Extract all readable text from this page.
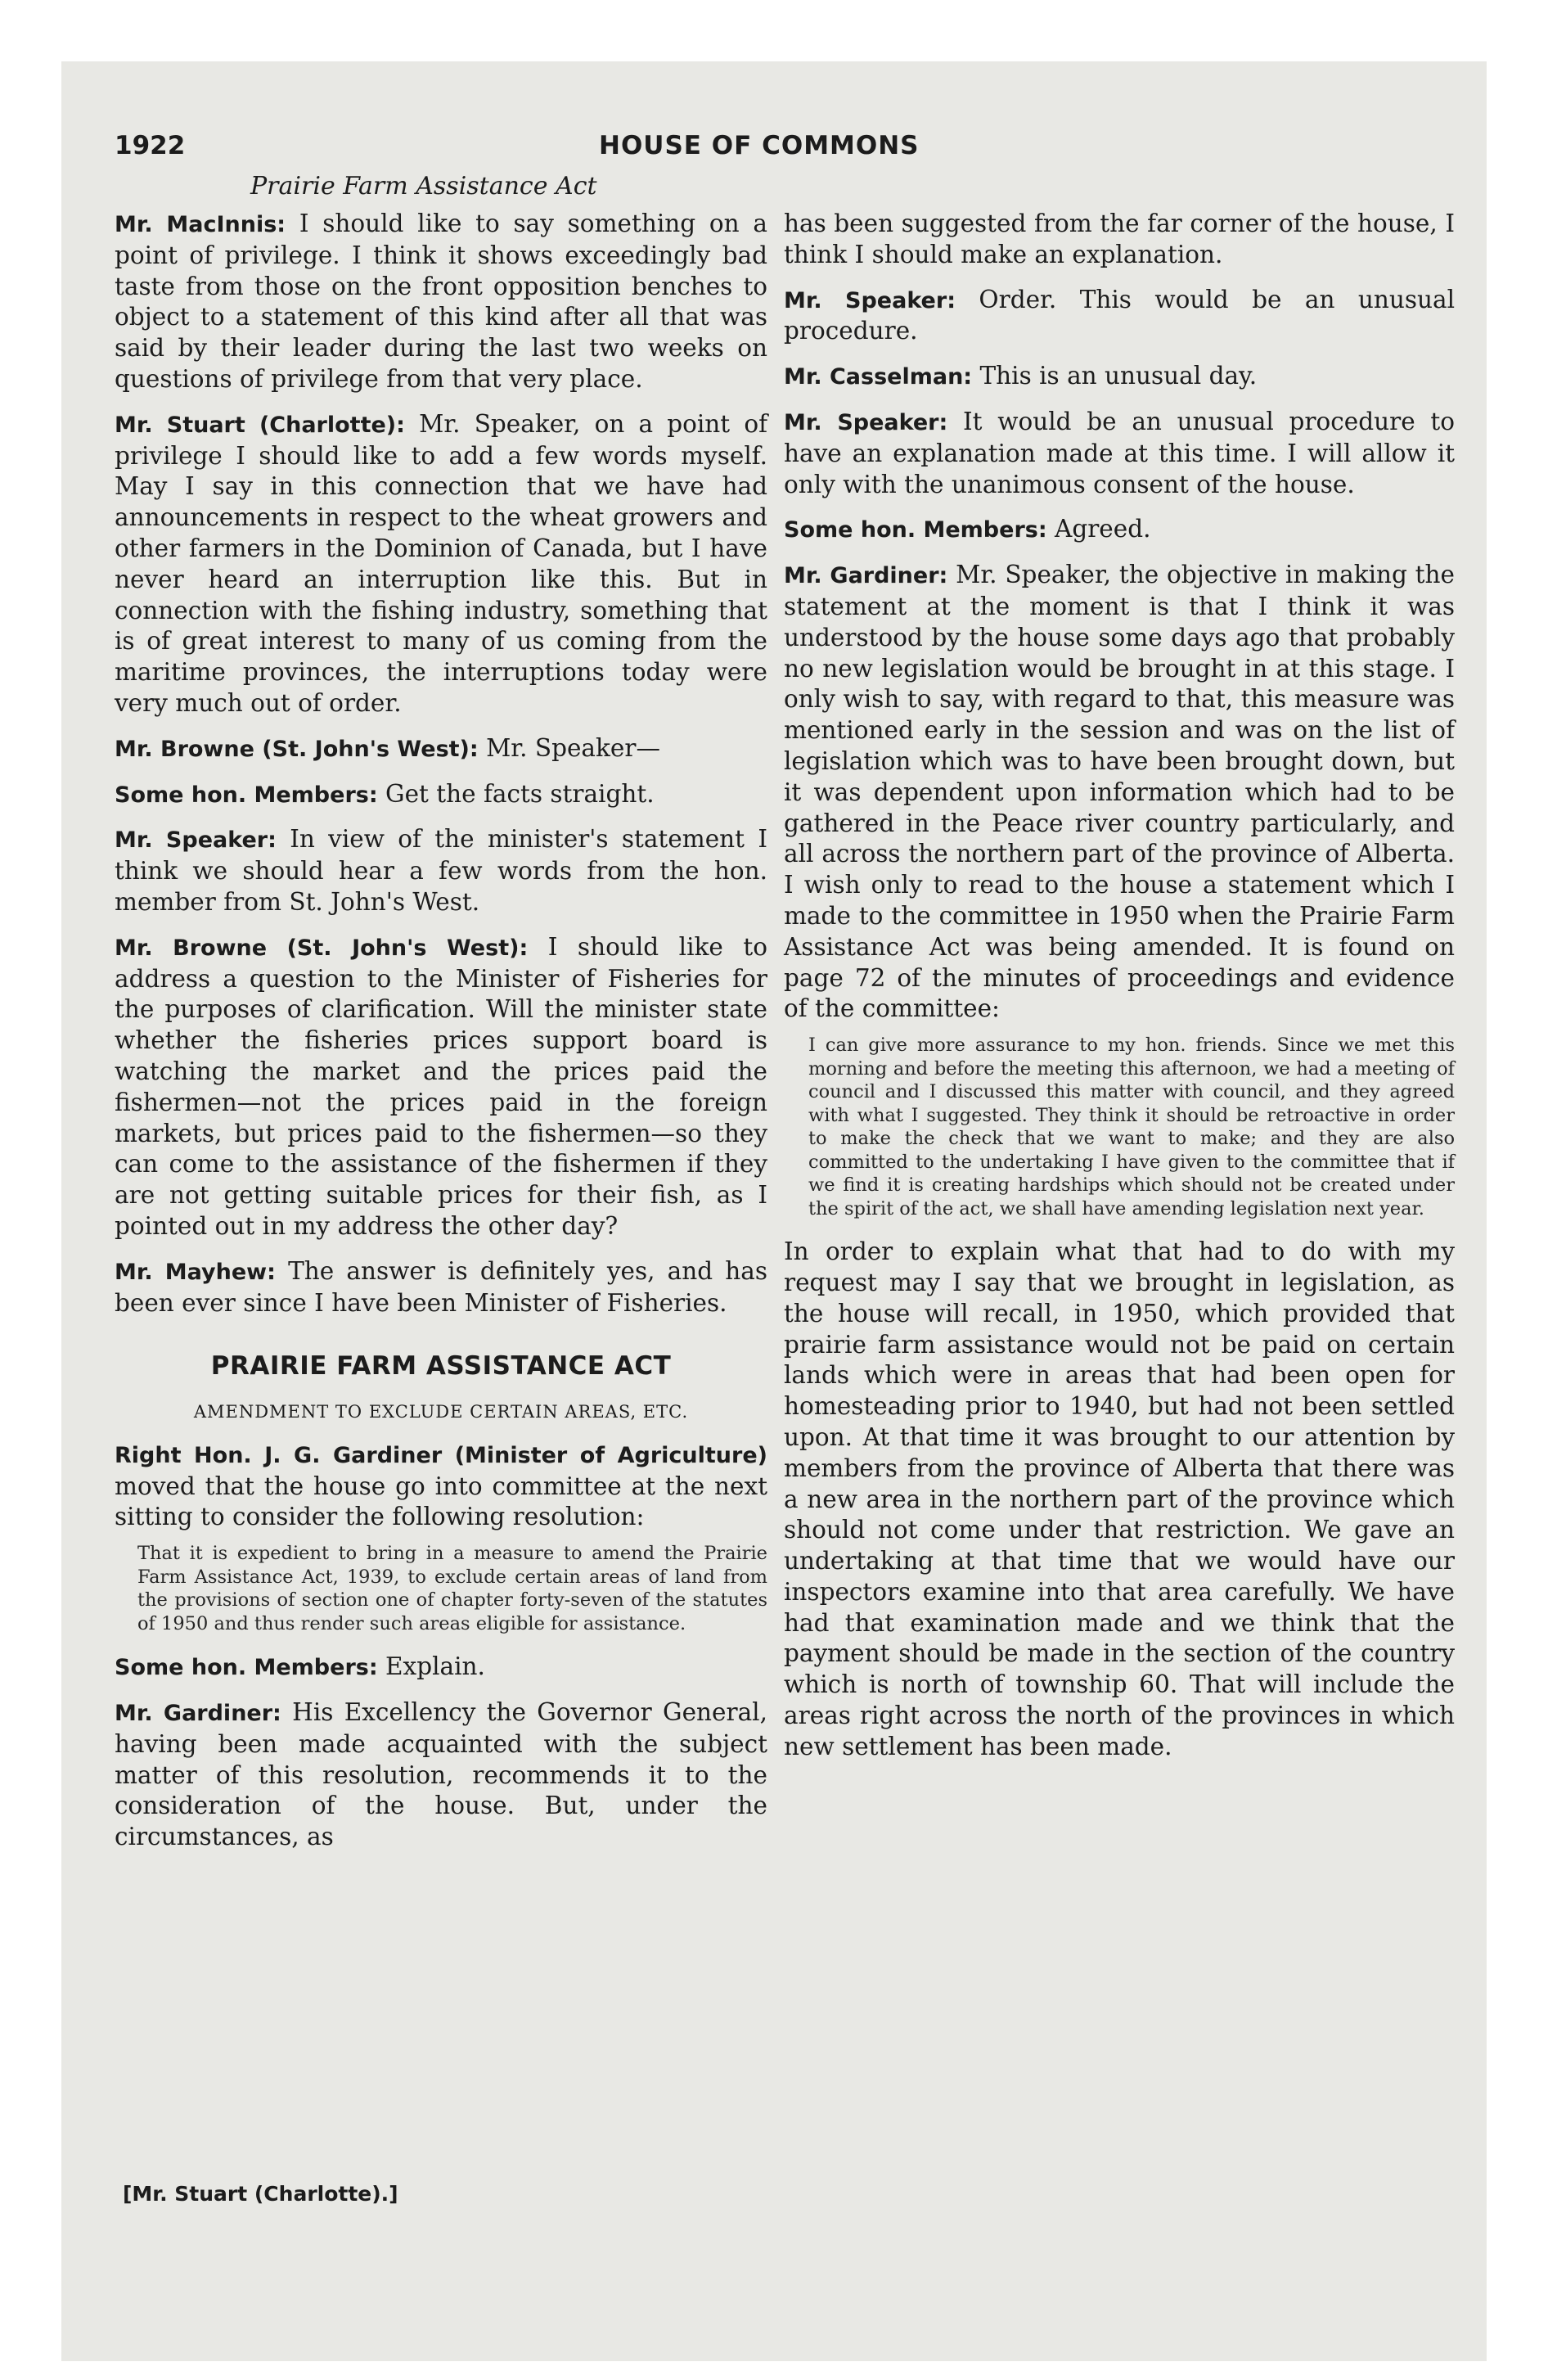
1922	HOUSE OF COMMONS
Prairie Farm Assistance Act

Mr. MacInnis: I should like to say something on a point of privilege. I think it shows exceedingly bad taste from those on the front opposition benches to object to a statement of this kind after all that was said by their leader during the last two weeks on questions of privilege from that very place.

Mr. Stuart (Charlotte): Mr. Speaker, on a point of privilege I should like to add a few words myself. May I say in this connection that we have had announcements in respect to the wheat growers and other farmers in the Dominion of Canada, but I have never heard an interruption like this. But in connection with the fishing industry, something that is of great interest to many of us coming from the maritime provinces, the interruptions today were very much out of order.

Mr. Browne (St. John's West): Mr. Speaker—

Some hon. Members: Get the facts straight.

Mr. Speaker: In view of the minister's statement I think we should hear a few words from the hon. member from St. John's West.

Mr. Browne (St. John's West): I should like to address a question to the Minister of Fisheries for the purposes of clarification. Will the minister state whether the fisheries prices support board is watching the market and the prices paid the fishermen—not the prices paid in the foreign markets, but prices paid to the fishermen—so they can come to the assistance of the fishermen if they are not getting suitable prices for their fish, as I pointed out in my address the other day?

Mr. Mayhew: The answer is definitely yes, and has been ever since I have been Minister of Fisheries.

PRAIRIE FARM ASSISTANCE ACT
AMENDMENT TO EXCLUDE CERTAIN AREAS, ETC.

Right Hon. J. G. Gardiner (Minister of Agriculture) moved that the house go into committee at the next sitting to consider the following resolution:

That it is expedient to bring in a measure to amend the Prairie Farm Assistance Act, 1939, to exclude certain areas of land from the provisions of section one of chapter forty-seven of the statutes of 1950 and thus render such areas eligible for assistance.

Some hon. Members: Explain.

Mr. Gardiner: His Excellency the Governor General, having been made acquainted with the subject matter of this resolution, recommends it to the consideration of the house. But, under the circumstances, as

has been suggested from the far corner of the house, I think I should make an explanation.

Mr. Speaker: Order. This would be an unusual procedure.

Mr. Casselman: This is an unusual day.

Mr. Speaker: It would be an unusual procedure to have an explanation made at this time. I will allow it only with the unanimous consent of the house.

Some hon. Members: Agreed.

Mr. Gardiner: Mr. Speaker, the objective in making the statement at the moment is that I think it was understood by the house some days ago that probably no new legislation would be brought in at this stage. I only wish to say, with regard to that, this measure was mentioned early in the session and was on the list of legislation which was to have been brought down, but it was dependent upon information which had to be gathered in the Peace river country particularly, and all across the northern part of the province of Alberta. I wish only to read to the house a statement which I made to the committee in 1950 when the Prairie Farm Assistance Act was being amended. It is found on page 72 of the minutes of proceedings and evidence of the committee:

I can give more assurance to my hon. friends. Since we met this morning and before the meeting this afternoon, we had a meeting of council and I discussed this matter with council, and they agreed with what I suggested. They think it should be retroactive in order to make the check that we want to make; and they are also committed to the undertaking I have given to the committee that if we find it is creating hardships which should not be created under the spirit of the act, we shall have amending legislation next year.

In order to explain what that had to do with my request may I say that we brought in legislation, as the house will recall, in 1950, which provided that prairie farm assistance would not be paid on certain lands which were in areas that had been open for homesteading prior to 1940, but had not been settled upon. At that time it was brought to our attention by members from the province of Alberta that there was a new area in the northern part of the province which should not come under that restriction. We gave an undertaking at that time that we would have our inspectors examine into that area carefully. We have had that examination made and we think that the payment should be made in the section of the country which is north of township 60. That will include the areas right across the north of the provinces in which new settlement has been made.

[Mr. Stuart (Charlotte).]
